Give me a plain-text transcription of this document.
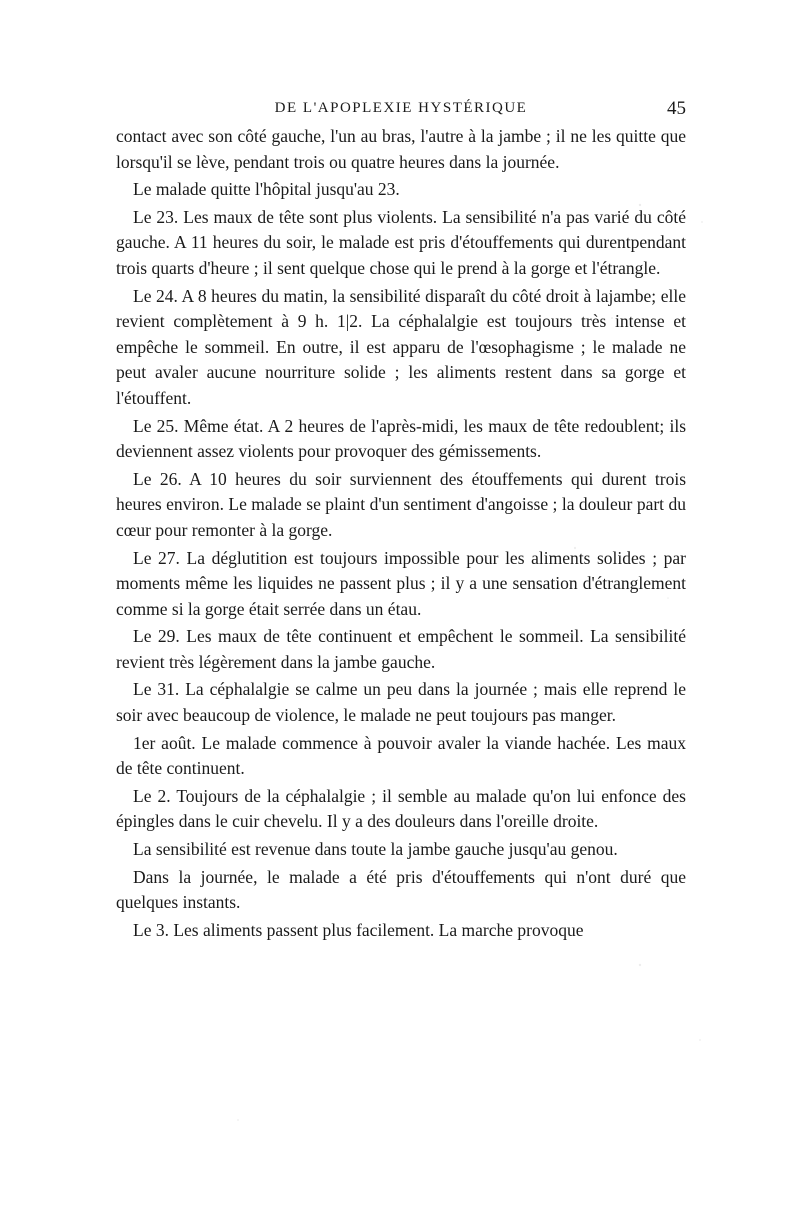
DE L'APOPLEXIE HYSTÉRIQUE	45

contact avec son côté gauche, l'un au bras, l'autre à la jambe ; il ne les quitte que lorsqu'il se lève, pendant trois ou quatre heures dans la journée.

Le malade quitte l'hôpital jusqu'au 23.

Le 23. Les maux de tête sont plus violents. La sensibilité n'a pas varié du côté gauche. A 11 heures du soir, le malade est pris d'étouffements qui durentpendant trois quarts d'heure ; il sent quelque chose qui le prend à la gorge et l'étrangle.

Le 24. A 8 heures du matin, la sensibilité disparaît du côté droit à lajambe; elle revient complètement à 9 h. 1|2. La céphalalgie est toujours très intense et empêche le sommeil. En outre, il est apparu de l'œsophagisme ; le malade ne peut avaler aucune nourriture solide ; les aliments restent dans sa gorge et l'étouffent.

Le 25. Même état. A 2 heures de l'après-midi, les maux de tête redoublent; ils deviennent assez violents pour provoquer des gémissements.

Le 26. A 10 heures du soir surviennent des étouffements qui durent trois heures environ. Le malade se plaint d'un sentiment d'angoisse ; la douleur part du cœur pour remonter à la gorge.

Le 27. La déglutition est toujours impossible pour les aliments solides ; par moments même les liquides ne passent plus ; il y a une sensation d'étranglement comme si la gorge était serrée dans un étau.

Le 29. Les maux de tête continuent et empêchent le sommeil. La sensibilité revient très légèrement dans la jambe gauche.

Le 31. La céphalalgie se calme un peu dans la journée ; mais elle reprend le soir avec beaucoup de violence, le malade ne peut toujours pas manger.

1er août. Le malade commence à pouvoir avaler la viande hachée. Les maux de tête continuent.

Le 2. Toujours de la céphalalgie ; il semble au malade qu'on lui enfonce des épingles dans le cuir chevelu. Il y a des douleurs dans l'oreille droite.

La sensibilité est revenue dans toute la jambe gauche jusqu'au genou.

Dans la journée, le malade a été pris d'étouffements qui n'ont duré que quelques instants.

Le 3. Les aliments passent plus facilement. La marche provoque
